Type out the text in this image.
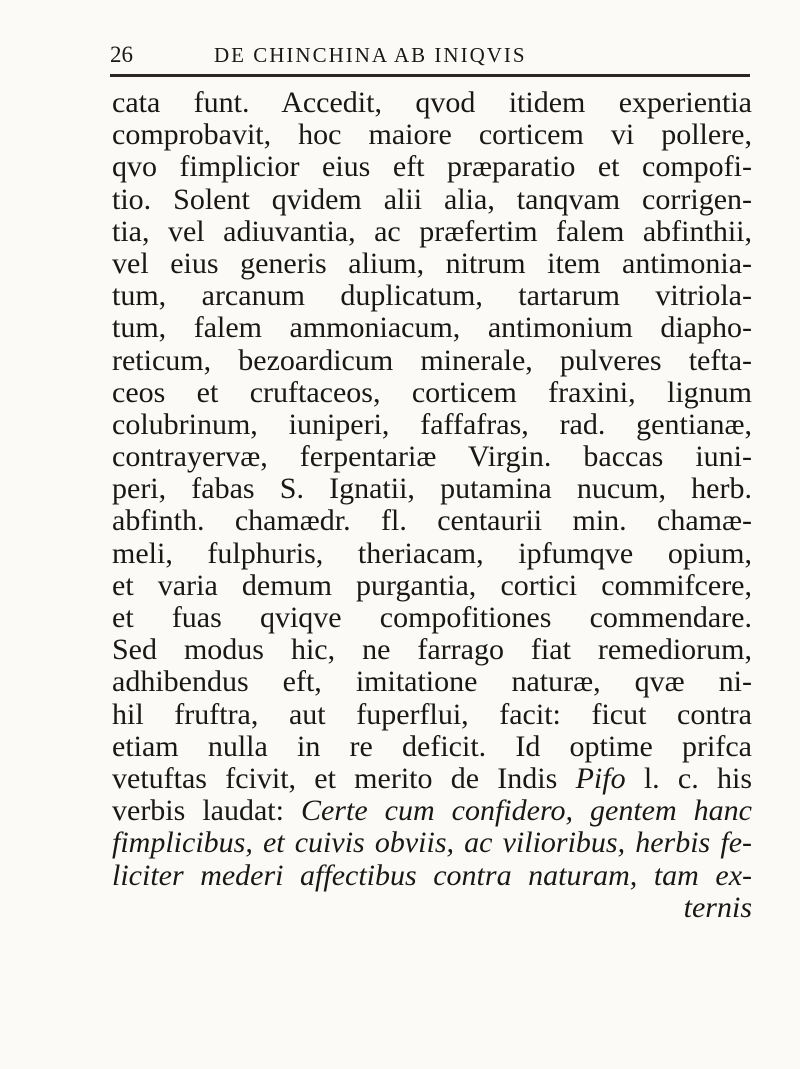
26	DE CHINCHINA AB INIQVIS
cata funt. Accedit, qvod itidem experientia
comprobavit, hoc maiore corticem vi pollere,
qvo fimplicior eius eft præparatio et compofi-
tio. Solent qvidem alii alia, tanqvam corrigen-
tia, vel adiuvantia, ac præfertim falem abfinthii,
vel eius generis alium, nitrum item antimonia-
tum, arcanum duplicatum, tartarum vitriola-
tum, falem ammoniacum, antimonium diapho-
reticum, bezoardicum minerale, pulveres tefta-
ceos et cruftaceos, corticem fraxini, lignum
colubrinum, iuniperi, faffafras, rad. gentianæ,
contrayervæ, ferpentariæ Virgin. baccas iuni-
peri, fabas S. Ignatii, putamina nucum, herb.
abfinth. chamædr. fl. centaurii min. chamæ-
meli, fulphuris, theriacam, ipfumqve opium,
et varia demum purgantia, cortici commifcere,
et fuas qviqve compofitiones commendare.
Sed modus hic, ne farrago fiat remediorum,
adhibendus eft, imitatione naturæ, qvæ ni-
hil fruftra, aut fuperflui, facit: ficut contra
etiam nulla in re deficit. Id optime prifca
vetuftas fcivit, et merito de Indis Pifo l. c. his
verbis laudat: Certe cum confidero, gentem hanc
fimplicibus, et cuivis obviis, ac vilioribus, herbis fe-
liciter mederi affectibus contra naturam, tam ex-
ternis
